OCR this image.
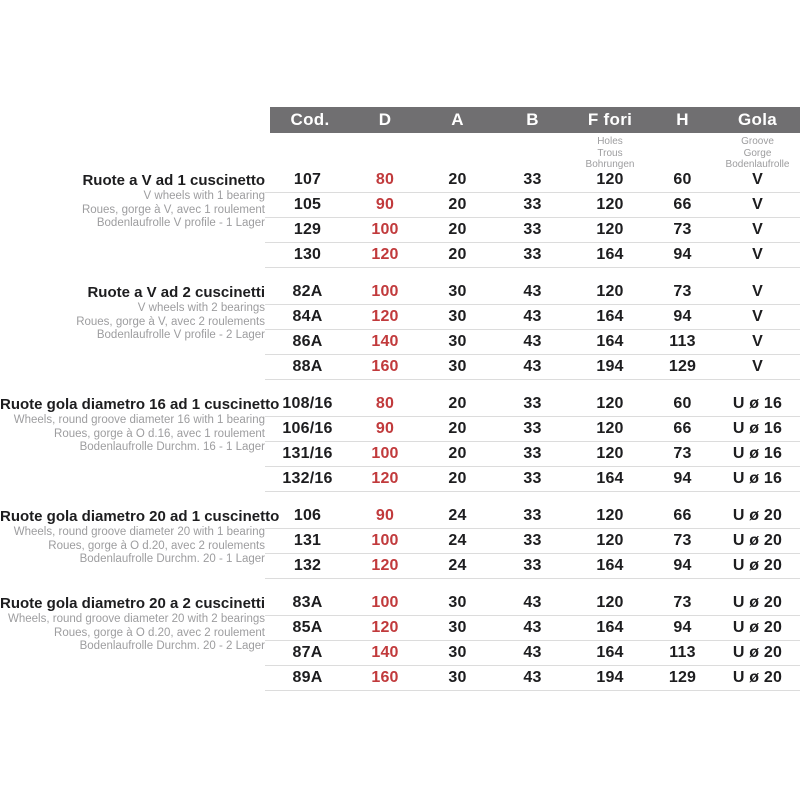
Cod.	D	A	B	F fori	H	Gola
Holes
Trous
Bohrungen
Groove
Gorge
Bodenlaufrolle
Ruote a V ad 1 cuscinetto
V wheels with 1 bearing
Roues, gorge à V, avec 1 roulement
Bodenlaufrolle V profile - 1 Lager
107	80	20	33	120	60	V
105	90	20	33	120	66	V
129	100	20	33	120	73	V
130	120	20	33	164	94	V
Ruote a V ad 2 cuscinetti
V wheels with 2 bearings
Roues, gorge à V, avec 2 roulements
Bodenlaufrolle V profile - 2 Lager
82A	100	30	43	120	73	V
84A	120	30	43	164	94	V
86A	140	30	43	164	113	V
88A	160	30	43	194	129	V
Ruote gola diametro 16 ad 1 cuscinetto
Wheels, round groove diameter 16 with 1 bearing
Roues, gorge à O d.16, avec 1 roulement
Bodenlaufrolle Durchm. 16 - 1 Lager
108/16	80	20	33	120	60	U ø 16
106/16	90	20	33	120	66	U ø 16
131/16	100	20	33	120	73	U ø 16
132/16	120	20	33	164	94	U ø 16
Ruote gola diametro 20 ad 1 cuscinetto
Wheels, round groove diameter 20 with 1 bearing
Roues, gorge à O d.20, avec 2 roulements
Bodenlaufrolle Durchm. 20 - 1 Lager
106	90	24	33	120	66	U ø 20
131	100	24	33	120	73	U ø 20
132	120	24	33	164	94	U ø 20
Ruote gola diametro 20 a 2 cuscinetti
Wheels, round groove diameter 20 with 2 bearings
Roues, gorge à O d.20, avec 2 roulement
Bodenlaufrolle Durchm. 20 - 2 Lager
83A	100	30	43	120	73	U ø 20
85A	120	30	43	164	94	U ø 20
87A	140	30	43	164	113	U ø 20
89A	160	30	43	194	129	U ø 20
